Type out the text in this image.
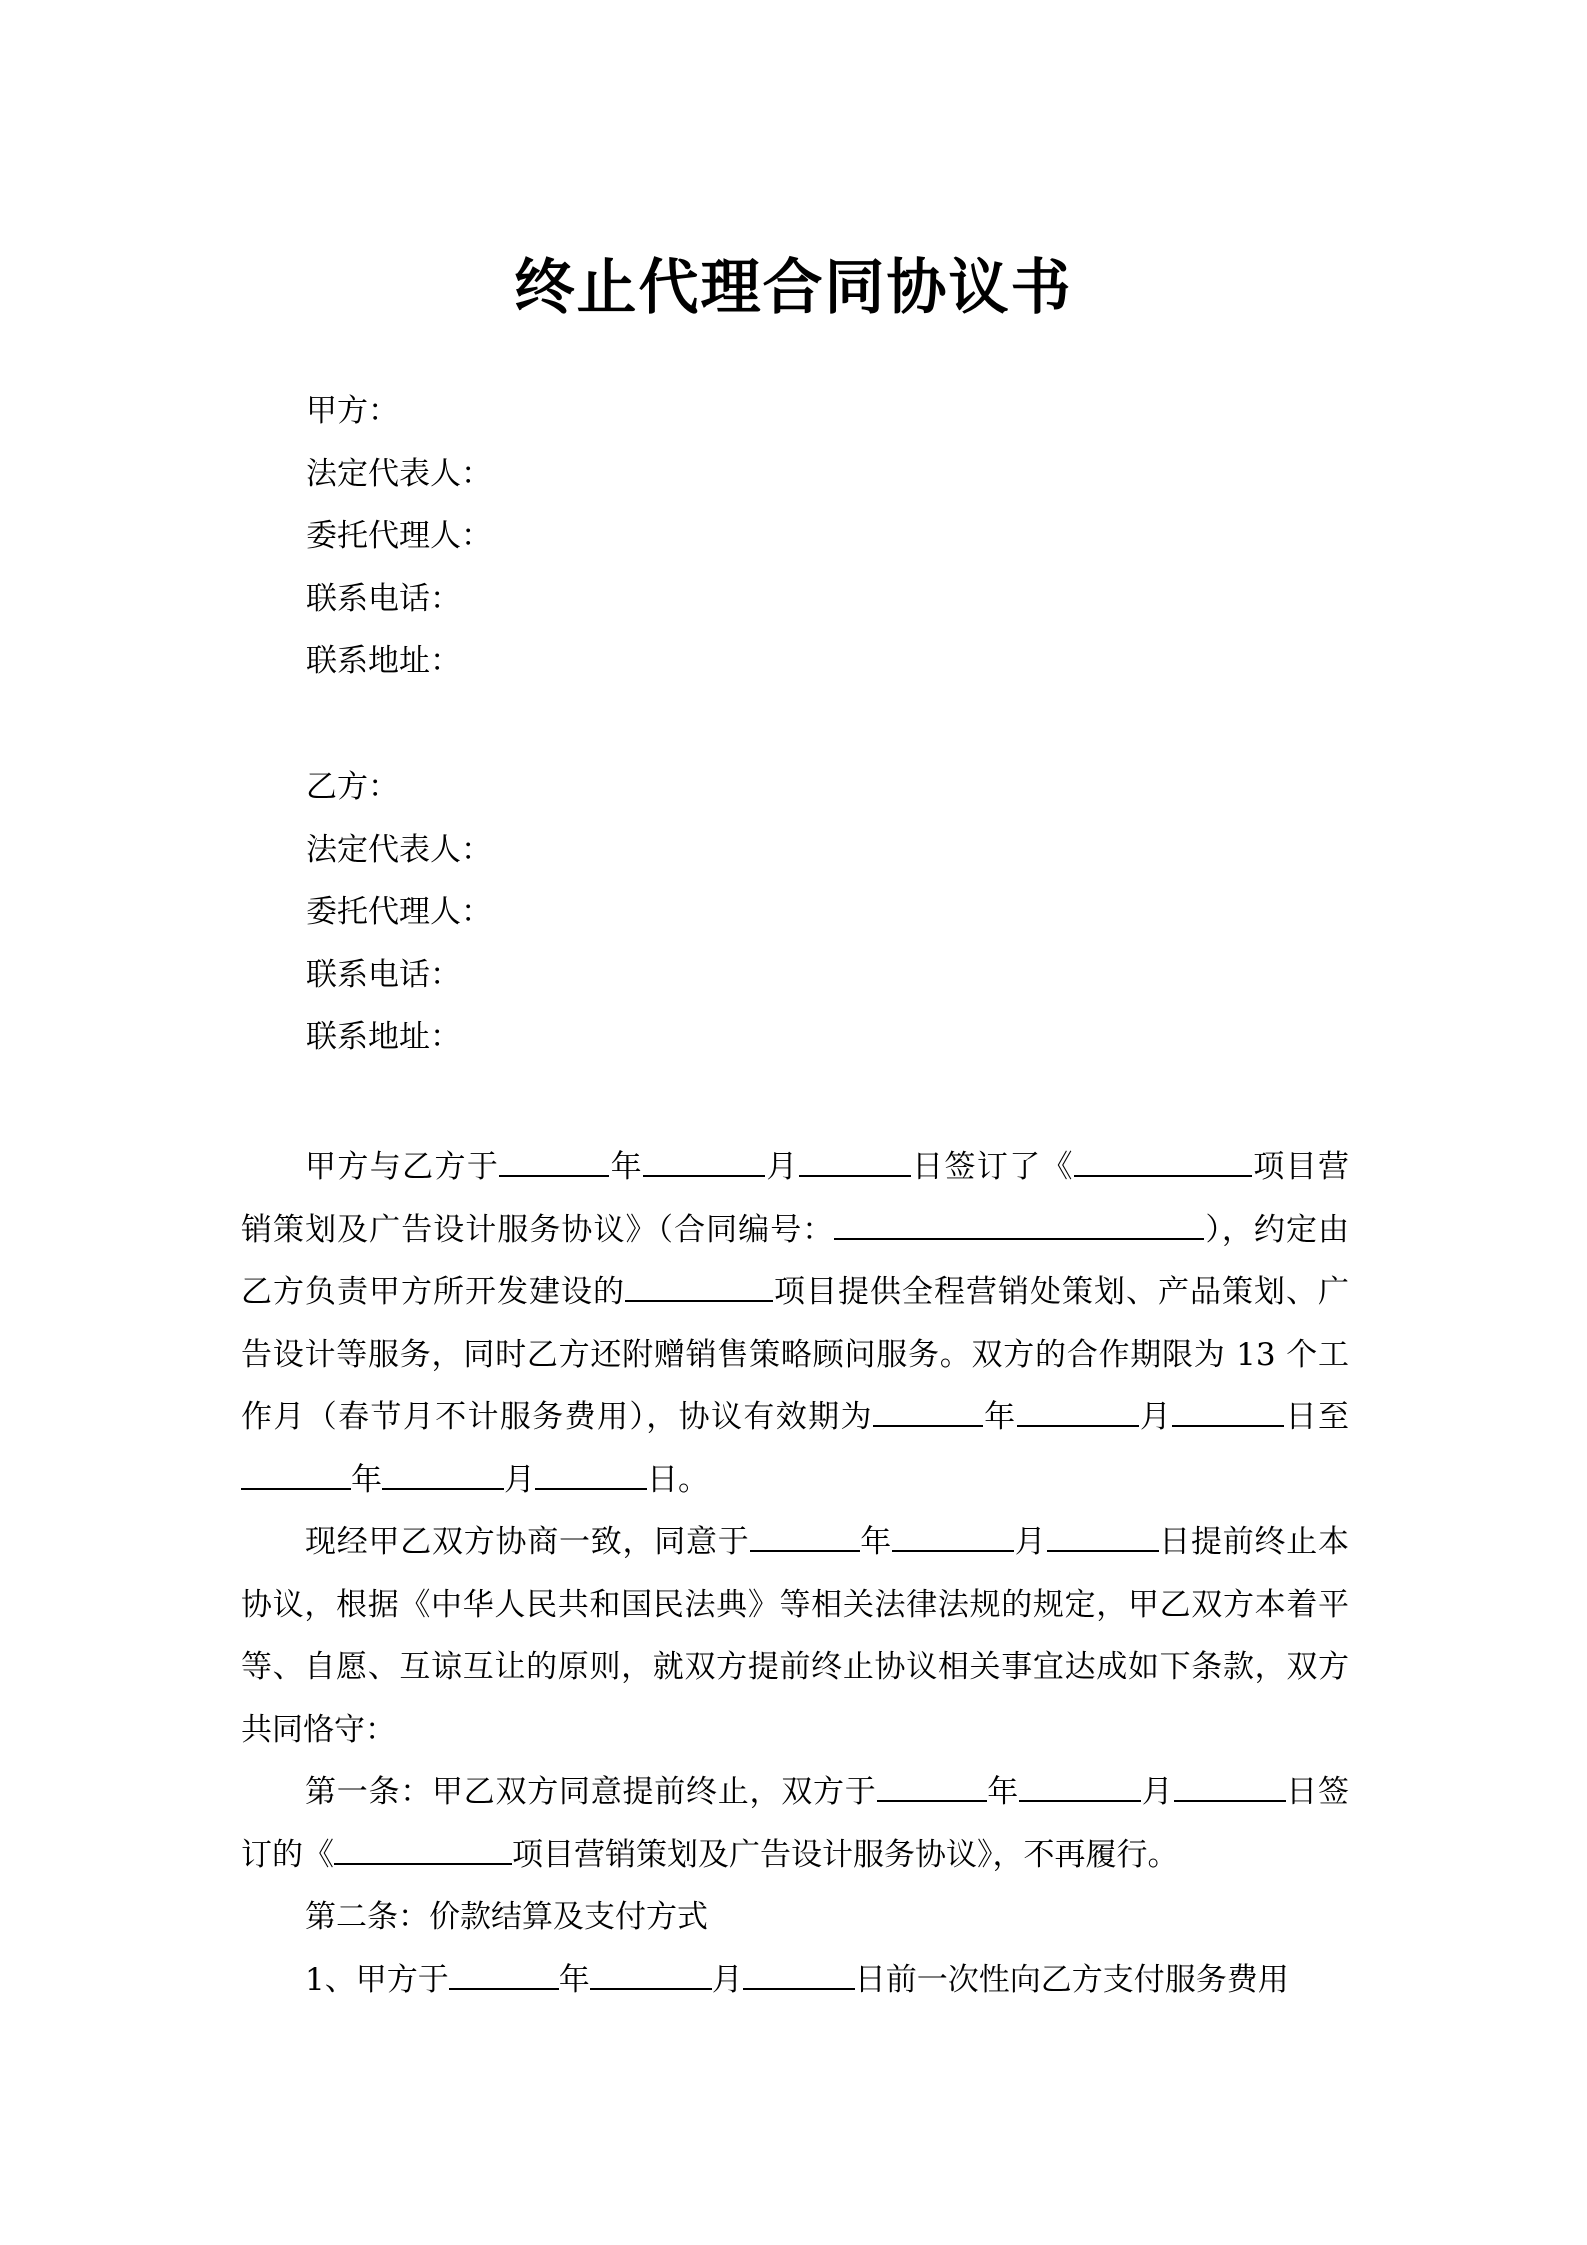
终止代理合同协议书
甲方：
法定代表人：
委托代理人：
联系电话：
联系地址：
乙方：
法定代表人：
委托代理人：
联系电话：
联系地址：

甲方与乙方于	年	月	日签订了《	项目营销策划及广告设计服务协议》（合同编号：	），约定由乙方负责甲方所开发建设的	项目提供全程营销处策划、产品策划、广告设计等服务，同时乙方还附赠销售策略顾问服务。双方的合作期限为 13 个工作月（春节月不计服务费用），协议有效期为	年	月	日至年	月	日。

现经甲乙双方协商一致，同意于	年	月	日提前终止本协议，根据《中华人民共和国民法典》等相关法律法规的规定，甲乙双方本着平等、自愿、互谅互让的原则，就双方提前终止协议相关事宜达成如下条款，双方共同恪守：

第一条：甲乙双方同意提前终止，双方于	年	月	日签订的《	项目营销策划及广告设计服务协议》，不再履行。

第二条：价款结算及支付方式

1、甲方于	年	月	日前一次性向乙方支付服务费用
